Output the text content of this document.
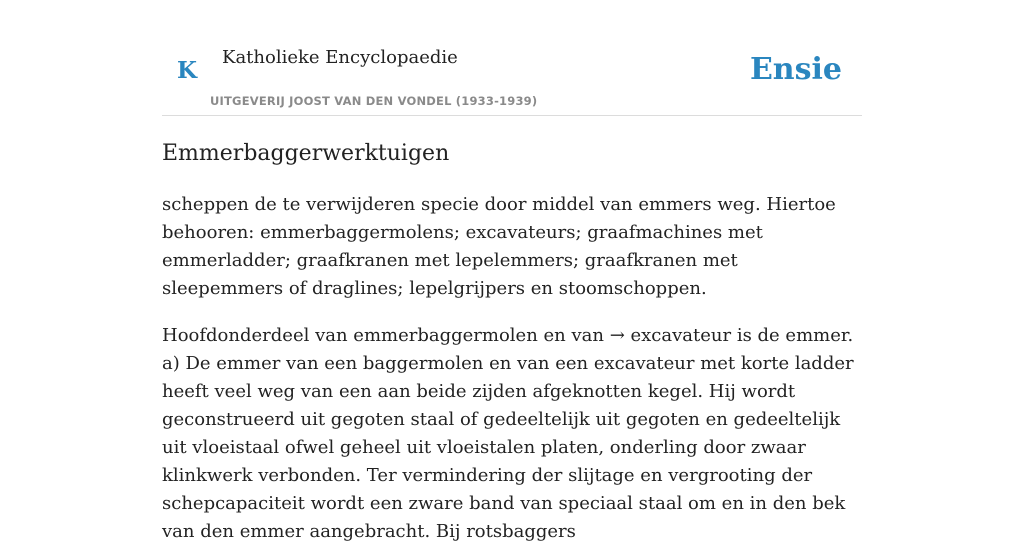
K Katholieke Encyclopaedie
UITGEVERIJ JOOST VAN DEN VONDEL (1933-1939)
Ensie
Emmerbaggerwerktuigen

scheppen de te verwijderen specie door middel van emmers weg. Hiertoe behooren: emmerbaggermolens; excavateurs; graafmachines met emmerladder; graafkranen met lepelemmers; graafkranen met sleepemmers of draglines; lepelgrijpers en stoomschoppen.

Hoofdonderdeel van emmerbaggermolen en van → excavateur is de emmer. a) De emmer van een baggermolen en van een excavateur met korte ladder heeft veel weg van een aan beide zijden afgeknotten kegel. Hij wordt geconstrueerd uit gegoten staal of gedeeltelijk uit gegoten en gedeeltelijk uit vloeistaal ofwel geheel uit vloeistalen platen, onderling door zwaar klinkwerk verbonden. Ter vermindering der slijtage en vergrooting der schepcapaciteit wordt een zware band van speciaal staal om en in den bek van den emmer aangebracht. Bij rotsbaggers
